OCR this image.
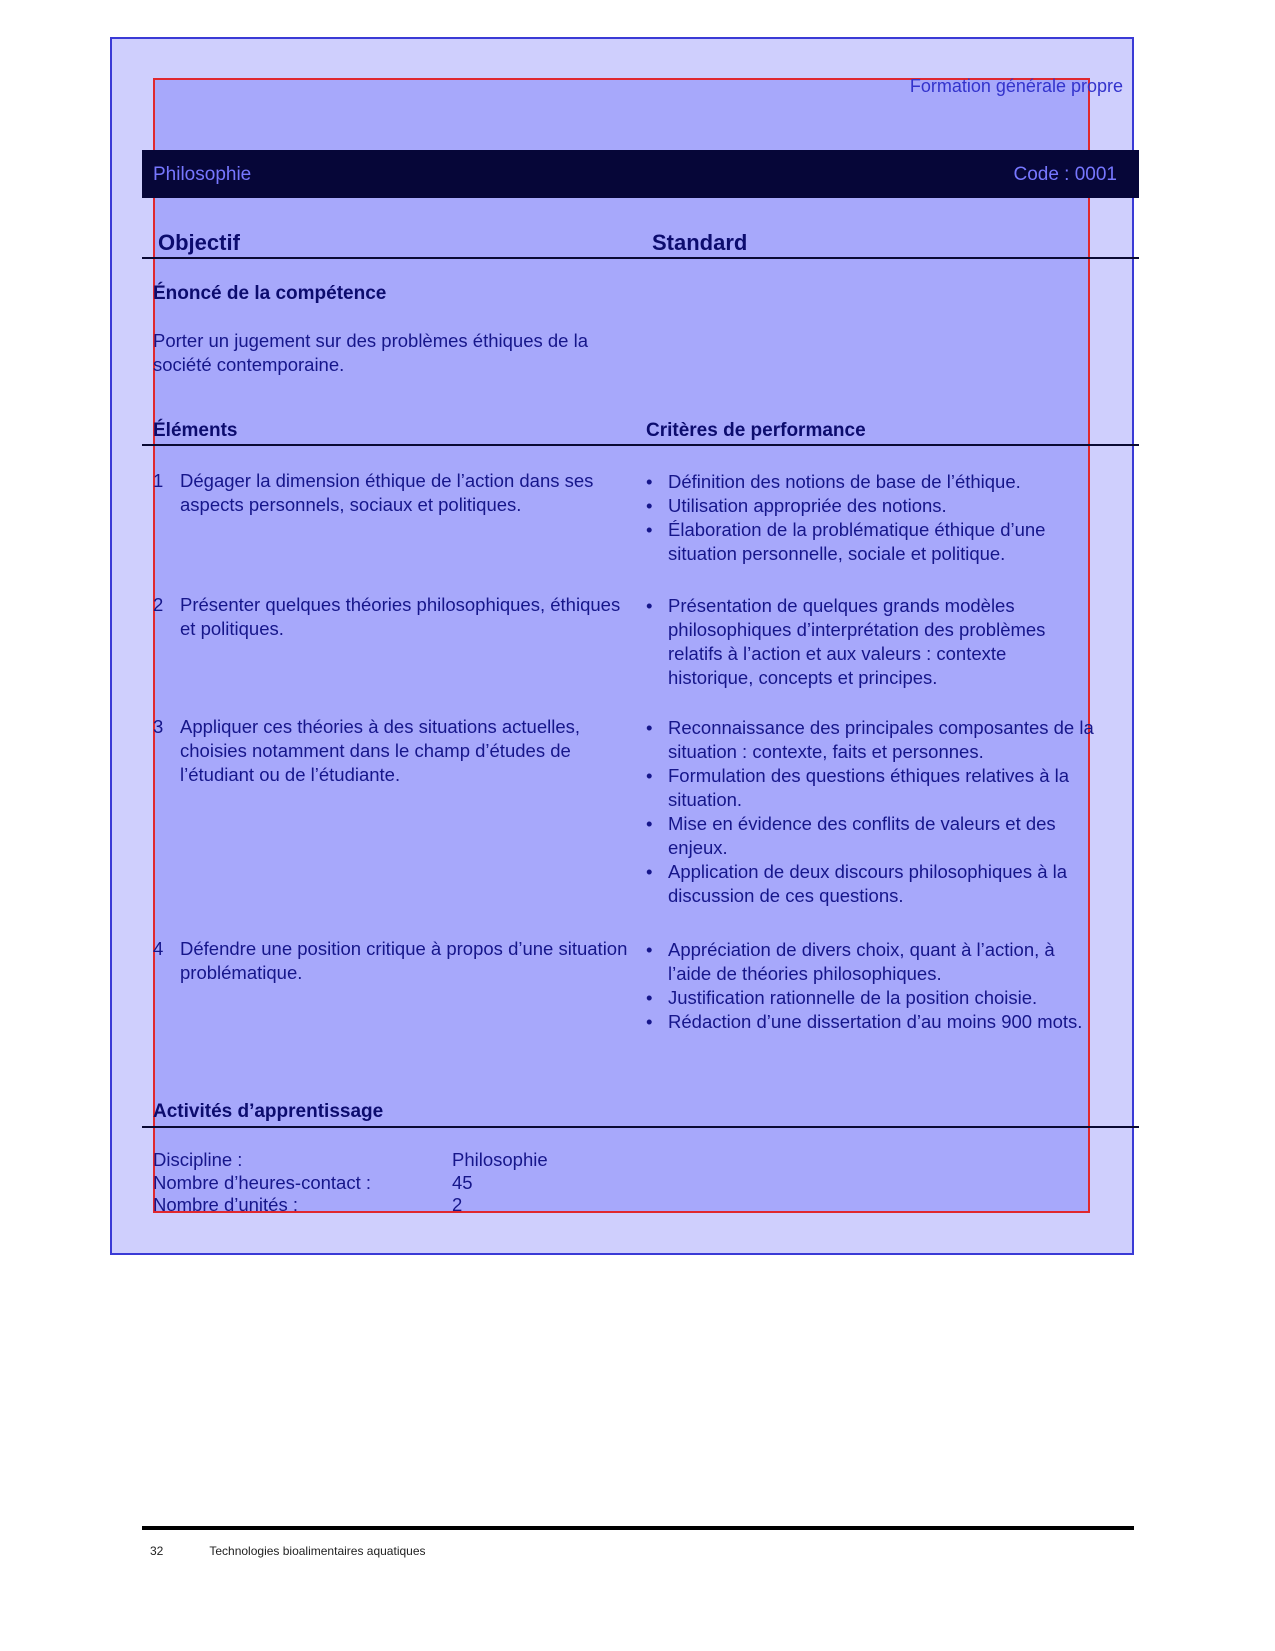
Formation générale propre
Philosophie	Code : 0001
Objectif	Standard
Énoncé de la compétence
Porter un jugement sur des problèmes éthiques de la société contemporaine.
Éléments	Critères de performance
1 Dégager la dimension éthique de l’action dans ses aspects personnels, sociaux et politiques.
• Définition des notions de base de l’éthique.
• Utilisation appropriée des notions.
• Élaboration de la problématique éthique d’une situation personnelle, sociale et politique.
2 Présenter quelques théories philosophiques, éthiques et politiques.
• Présentation de quelques grands modèles philosophiques d’interprétation des problèmes relatifs à l’action et aux valeurs : contexte historique, concepts et principes.
3 Appliquer ces théories à des situations actuelles, choisies notamment dans le champ d’études de l’étudiant ou de l’étudiante.
• Reconnaissance des principales composantes de la situation : contexte, faits et personnes.
• Formulation des questions éthiques relatives à la situation.
• Mise en évidence des conflits de valeurs et des enjeux.
• Application de deux discours philosophiques à la discussion de ces questions.
4 Défendre une position critique à propos d’une situation problématique.
• Appréciation de divers choix, quant à l’action, à l’aide de théories philosophiques.
• Justification rationnelle de la position choisie.
• Rédaction d’une dissertation d’au moins 900 mots.
Activités d’apprentissage
Discipline :	Philosophie
Nombre d’heures-contact :	45
Nombre d’unités :	2
32	Technologies bioalimentaires aquatiques
